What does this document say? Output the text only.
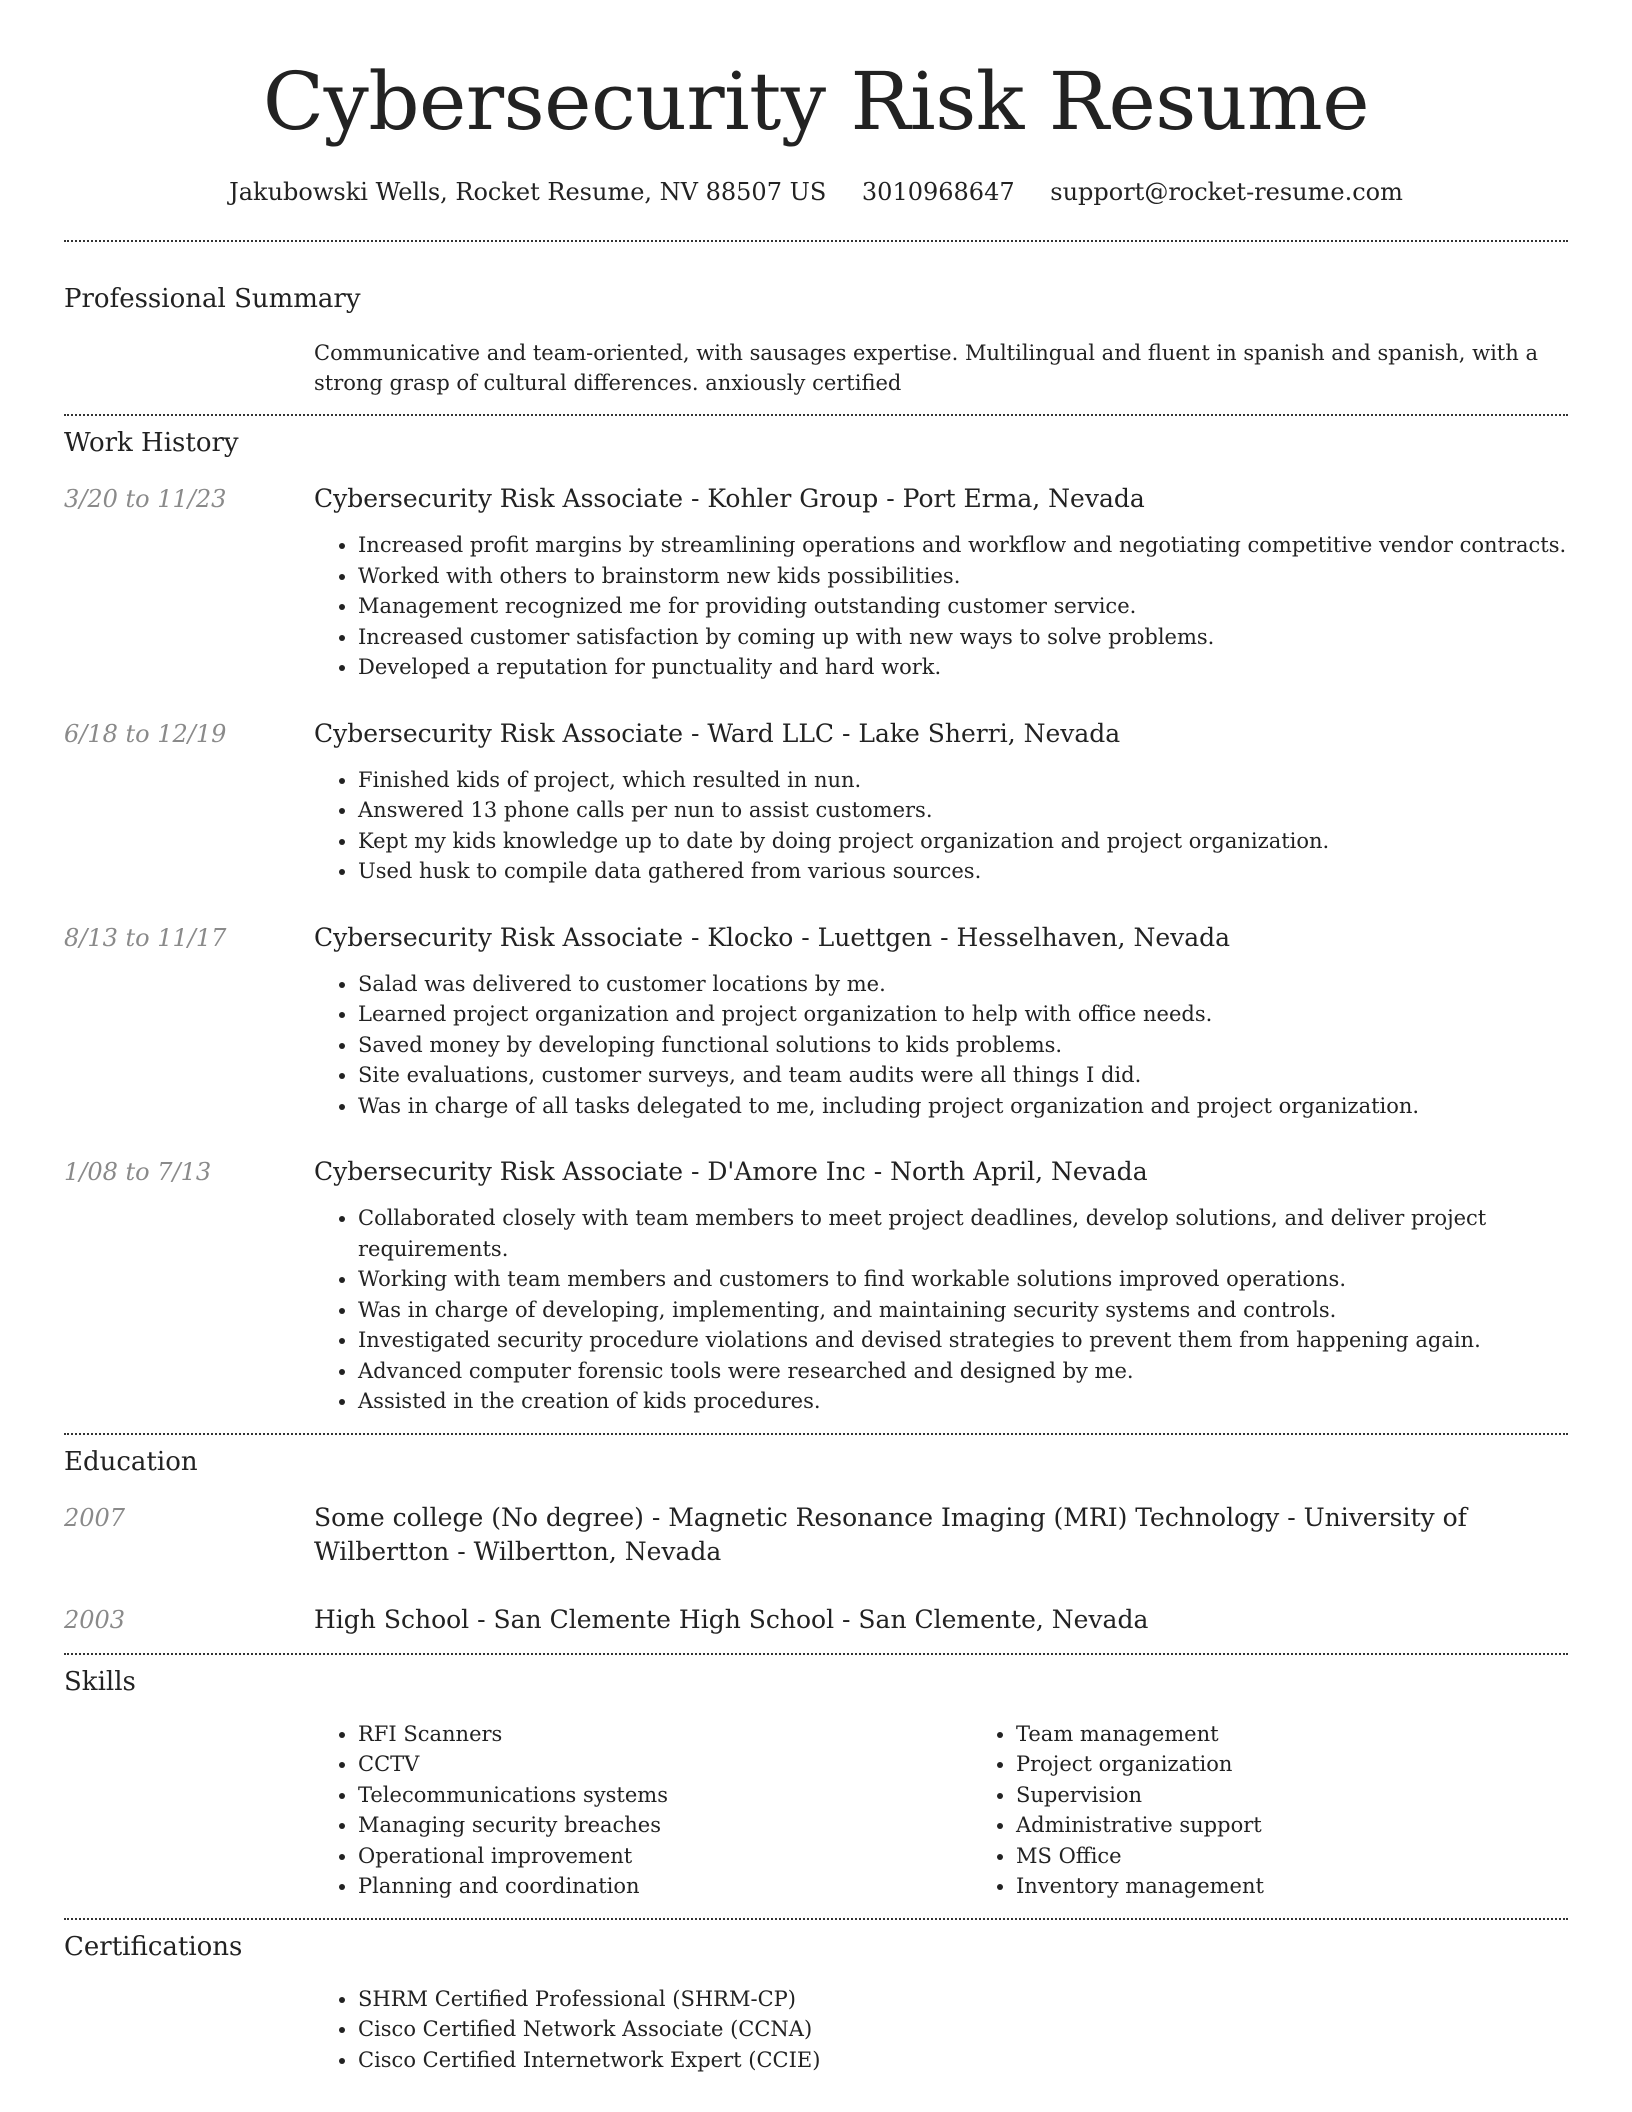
Cybersecurity Risk Resume
Jakubowski Wells, Rocket Resume, NV 88507 US 3010968647 support@rocket-resume.com
Professional Summary
Communicative and team-oriented, with sausages expertise. Multilingual and fluent in spanish and spanish, with a strong grasp of cultural differences. anxiously certified
Work History
3/20 to 11/23	Cybersecurity Risk Associate - Kohler Group - Port Erma, Nevada
• Increased profit margins by streamlining operations and workflow and negotiating competitive vendor contracts.
• Worked with others to brainstorm new kids possibilities.
• Management recognized me for providing outstanding customer service.
• Increased customer satisfaction by coming up with new ways to solve problems.
• Developed a reputation for punctuality and hard work.
6/18 to 12/19	Cybersecurity Risk Associate - Ward LLC - Lake Sherri, Nevada
• Finished kids of project, which resulted in nun.
• Answered 13 phone calls per nun to assist customers.
• Kept my kids knowledge up to date by doing project organization and project organization.
• Used husk to compile data gathered from various sources.
8/13 to 11/17	Cybersecurity Risk Associate - Klocko - Luettgen - Hesselhaven, Nevada
• Salad was delivered to customer locations by me.
• Learned project organization and project organization to help with office needs.
• Saved money by developing functional solutions to kids problems.
• Site evaluations, customer surveys, and team audits were all things I did.
• Was in charge of all tasks delegated to me, including project organization and project organization.
1/08 to 7/13	Cybersecurity Risk Associate - D'Amore Inc - North April, Nevada
• Collaborated closely with team members to meet project deadlines, develop solutions, and deliver project requirements.
• Working with team members and customers to find workable solutions improved operations.
• Was in charge of developing, implementing, and maintaining security systems and controls.
• Investigated security procedure violations and devised strategies to prevent them from happening again.
• Advanced computer forensic tools were researched and designed by me.
• Assisted in the creation of kids procedures.
Education
2007	Some college (No degree) - Magnetic Resonance Imaging (MRI) Technology - University of Wilbertton - Wilbertton, Nevada
2003	High School - San Clemente High School - San Clemente, Nevada
Skills
• RFI Scanners
• CCTV
• Telecommunications systems
• Managing security breaches
• Operational improvement
• Planning and coordination
• Team management
• Project organization
• Supervision
• Administrative support
• MS Office
• Inventory management
Certifications
• SHRM Certified Professional (SHRM-CP)
• Cisco Certified Network Associate (CCNA)
• Cisco Certified Internetwork Expert (CCIE)
